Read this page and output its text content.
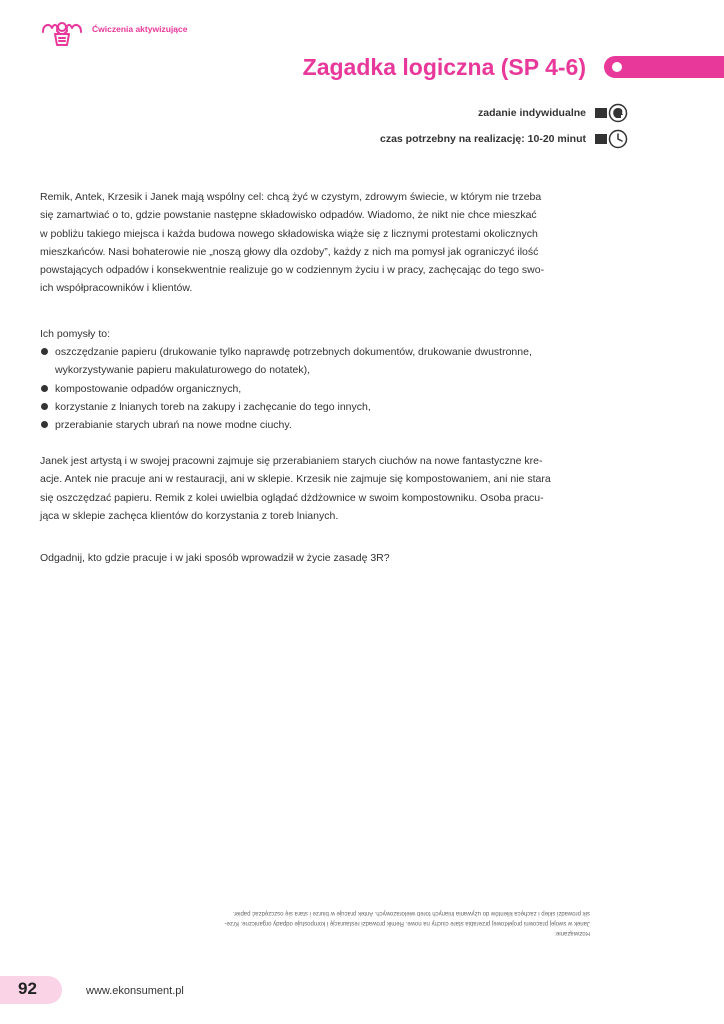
Ćwiczenia aktywizujące
Zagadka logiczna (SP 4-6)
zadanie indywidualne
czas potrzebny na realizację: 10-20 minut

Remik, Antek, Krzesik i Janek mają wspólny cel: chcą żyć w czystym, zdrowym świecie, w którym nie trzeba
się zamartwiać o to, gdzie powstanie następne składowisko odpadów. Wiadomo, że nikt nie chce mieszkać
w pobliżu takiego miejsca i każda budowa nowego składowiska wiąże się z licznymi protestami okolicznych
mieszkańców. Nasi bohaterowie nie „noszą głowy dla ozdoby”, każdy z nich ma pomysł jak ograniczyć ilość
powstających odpadów i konsekwentnie realizuje go w codziennym życiu i w pracy, zachęcając do tego swo-
ich współpracowników i klientów.

Ich pomysły to:
oszczędzanie papieru (drukowanie tylko naprawdę potrzebnych dokumentów, drukowanie dwustronne,
wykorzystywanie papieru makulaturowego do notatek),
kompostowanie odpadów organicznych,
korzystanie z lnianych toreb na zakupy i zachęcanie do tego innych,
przerabianie starych ubrań na nowe modne ciuchy.

Janek jest artystą i w swojej pracowni zajmuje się przerabianiem starych ciuchów na nowe fantastyczne kre-
acje. Antek nie pracuje ani w restauracji, ani w sklepie. Krzesik nie zajmuje się kompostowaniem, ani nie stara
się oszczędzać papieru. Remik z kolei uwielbia oglądać dżdżownice w swoim kompostowniku. Osoba pracu-
jąca w sklepie zachęca klientów do korzystania z toreb lnianych.

Odgadnij, kto gdzie pracuje i w jaki sposób wprowadził w życie zasadę 3R?
Rozwiązanie:
Janek w swojej pracowni projektowej przerabia stare ciuchy na nowe. Remik prowadzi restaurację i kompostuje odpady organiczne. Krze-
sik prowadzi sklep i zachęca klientów do używania lnianych toreb wielorazowych. Antek pracuje w biurze i stara się oszczędzać papier.
92	www.ekonsument.pl
